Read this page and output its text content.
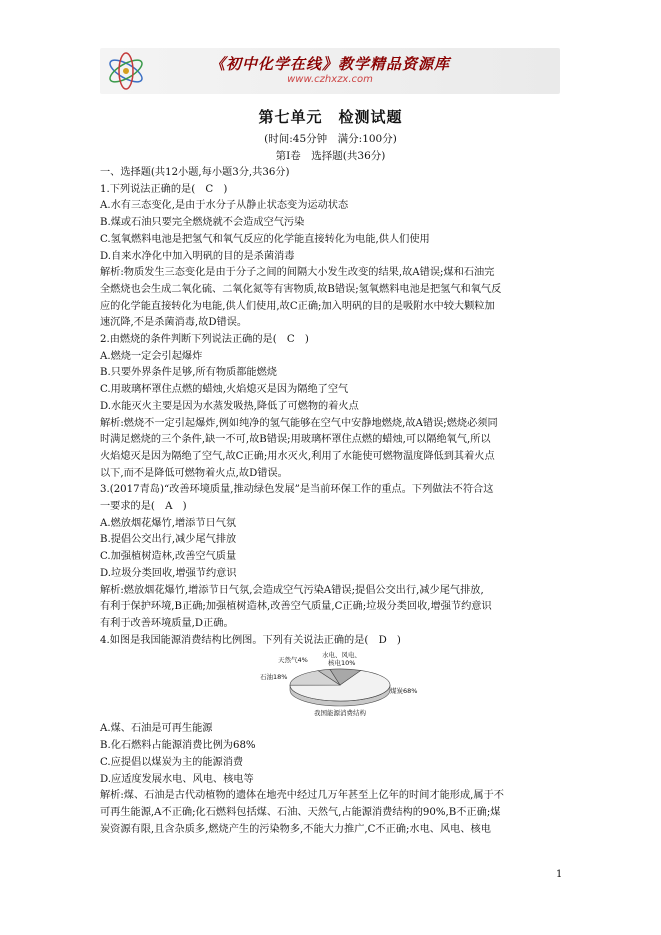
《初中化学在线》教学精品资源库
www.czhxzx.com
第七单元　检测试题
(时间:45分钟　满分:100分)
第Ⅰ卷　选择题(共36分)

一、选择题(共12小题,每小题3分,共36分)

1.下列说法正确的是(　C　)

A.水有三态变化,是由于水分子从静止状态变为运动状态

B.煤或石油只要完全燃烧就不会造成空气污染

C.氢氧燃料电池是把氢气和氧气反应的化学能直接转化为电能,供人们使用

D.自来水净化中加入明矾的目的是杀菌消毒

解析:物质发生三态变化是由于分子之间的间隔大小发生改变的结果,故A错误;煤和石油完

全燃烧也会生成二氧化硫、二氧化氮等有害物质,故B错误;氢氧燃料电池是把氢气和氧气反

应的化学能直接转化为电能,供人们使用,故C正确;加入明矾的目的是吸附水中较大颗粒加

速沉降,不是杀菌消毒,故D错误。

2.由燃烧的条件判断下列说法正确的是(　C　)

A.燃烧一定会引起爆炸

B.只要外界条件足够,所有物质都能燃烧

C.用玻璃杯罩住点燃的蜡烛,火焰熄灭是因为隔绝了空气

D.水能灭火主要是因为水蒸发吸热,降低了可燃物的着火点

解析:燃烧不一定引起爆炸,例如纯净的氢气能够在空气中安静地燃烧,故A错误;燃烧必须同

时满足燃烧的三个条件,缺一不可,故B错误;用玻璃杯罩住点燃的蜡烛,可以隔绝氧气,所以

火焰熄灭是因为隔绝了空气,故C正确;用水灭火,利用了水能使可燃物温度降低到其着火点

以下,而不是降低可燃物着火点,故D错误。

3.(2017青岛)“改善环境质量,推动绿色发展”是当前环保工作的重点。下列做法不符合这

一要求的是(　A　)

A.燃放烟花爆竹,增添节日气氛

B.提倡公交出行,减少尾气排放

C.加强植树造林,改善空气质量

D.垃圾分类回收,增强节约意识

解析:燃放烟花爆竹,增添节日气氛,会造成空气污染A错误;提倡公交出行,减少尾气排放,

有利于保护环境,B正确;加强植树造林,改善空气质量,C正确;垃圾分类回收,增强节约意识

有利于改善环境质量,D正确。

4.如图是我国能源消费结构比例图。下列有关说法正确的是(　D　)

天然气4%
水电、风电、
核电10%
石油18%
煤炭68%
我国能源消费结构

A.煤、石油是可再生能源

B.化石燃料占能源消费比例为68%

C.应提倡以煤炭为主的能源消费

D.应适度发展水电、风电、核电等

解析:煤、石油是古代动植物的遗体在地壳中经过几万年甚至上亿年的时间才能形成,属于不

可再生能源,A不正确;化石燃料包括煤、石油、天然气,占能源消费结构的90%,B不正确;煤

炭资源有限,且含杂质多,燃烧产生的污染物多,不能大力推广,C不正确;水电、风电、核电

1
